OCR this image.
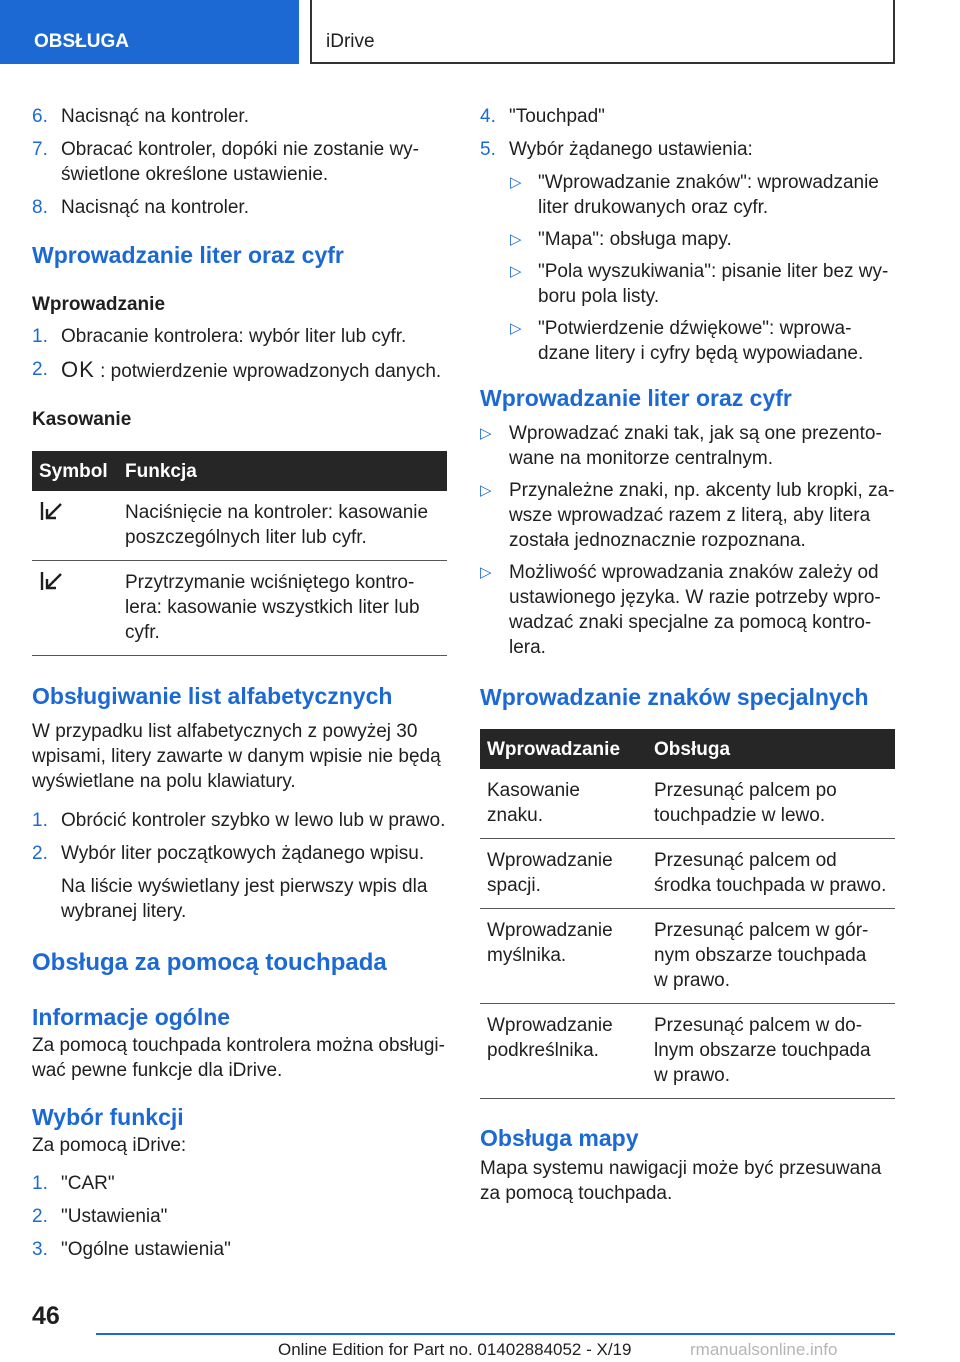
OBSŁUGA	iDrive
6. Nacisnąć na kontroler.
7. Obracać kontroler, dopóki nie zostanie wy-
świetlone określone ustawienie.
8. Nacisnąć na kontroler.
Wprowadzanie liter oraz cyfr
Wprowadzanie
1. Obracanie kontrolera: wybór liter lub cyfr.
2. OK : potwierdzenie wprowadzonych danych.
Kasowanie
Symbol	Funkcja
	Naciśnięcie na kontroler: kasowanie
poszczególnych liter lub cyfr.
	Przytrzymanie wciśniętego kontro-
lera: kasowanie wszystkich liter lub
cyfr.
Obsługiwanie list alfabetycznych
W przypadku list alfabetycznych z powyżej 30
wpisami, litery zawarte w danym wpisie nie będą
wyświetlane na polu klawiatury.
1. Obrócić kontroler szybko w lewo lub w prawo.
2. Wybór liter początkowych żądanego wpisu.
Na liście wyświetlany jest pierwszy wpis dla
wybranej litery.
Obsługa za pomocą touchpada
Informacje ogólne
Za pomocą touchpada kontrolera można obsługi-
wać pewne funkcje dla iDrive.
Wybór funkcji
Za pomocą iDrive:
1. "CAR"
2. "Ustawienia"
3. "Ogólne ustawienia"
4. "Touchpad"
5. Wybór żądanego ustawienia:
▷ "Wprowadzanie znaków": wprowadzanie
liter drukowanych oraz cyfr.
▷ "Mapa": obsługa mapy.
▷ "Pola wyszukiwania": pisanie liter bez wy-
boru pola listy.
▷ "Potwierdzenie dźwiękowe": wprowa-
dzane litery i cyfry będą wypowiadane.
Wprowadzanie liter oraz cyfr
▷ Wprowadzać znaki tak, jak są one prezento-
wane na monitorze centralnym.
▷ Przynależne znaki, np. akcenty lub kropki, za-
wsze wprowadzać razem z literą, aby litera
została jednoznacznie rozpoznana.
▷ Możliwość wprowadzania znaków zależy od
ustawionego języka. W razie potrzeby wpro-
wadzać znaki specjalne za pomocą kontro-
lera.
Wprowadzanie znaków specjalnych
Wprowadzanie	Obsługa
Kasowanie znaku.	Przesunąć palcem po
touchpadzie w lewo.
Wprowadzanie
spacji.	Przesunąć palcem od
środka touchpada w prawo.
Wprowadzanie
myślnika.	Przesunąć palcem w gór-
nym obszarze touchpada
w prawo.
Wprowadzanie
podkreślnika.	Przesunąć palcem w do-
lnym obszarze touchpada
w prawo.
Obsługa mapy
Mapa systemu nawigacji może być przesuwana
za pomocą touchpada.
46
Online Edition for Part no. 01402884052 - X/19	rmanualsonline.info
